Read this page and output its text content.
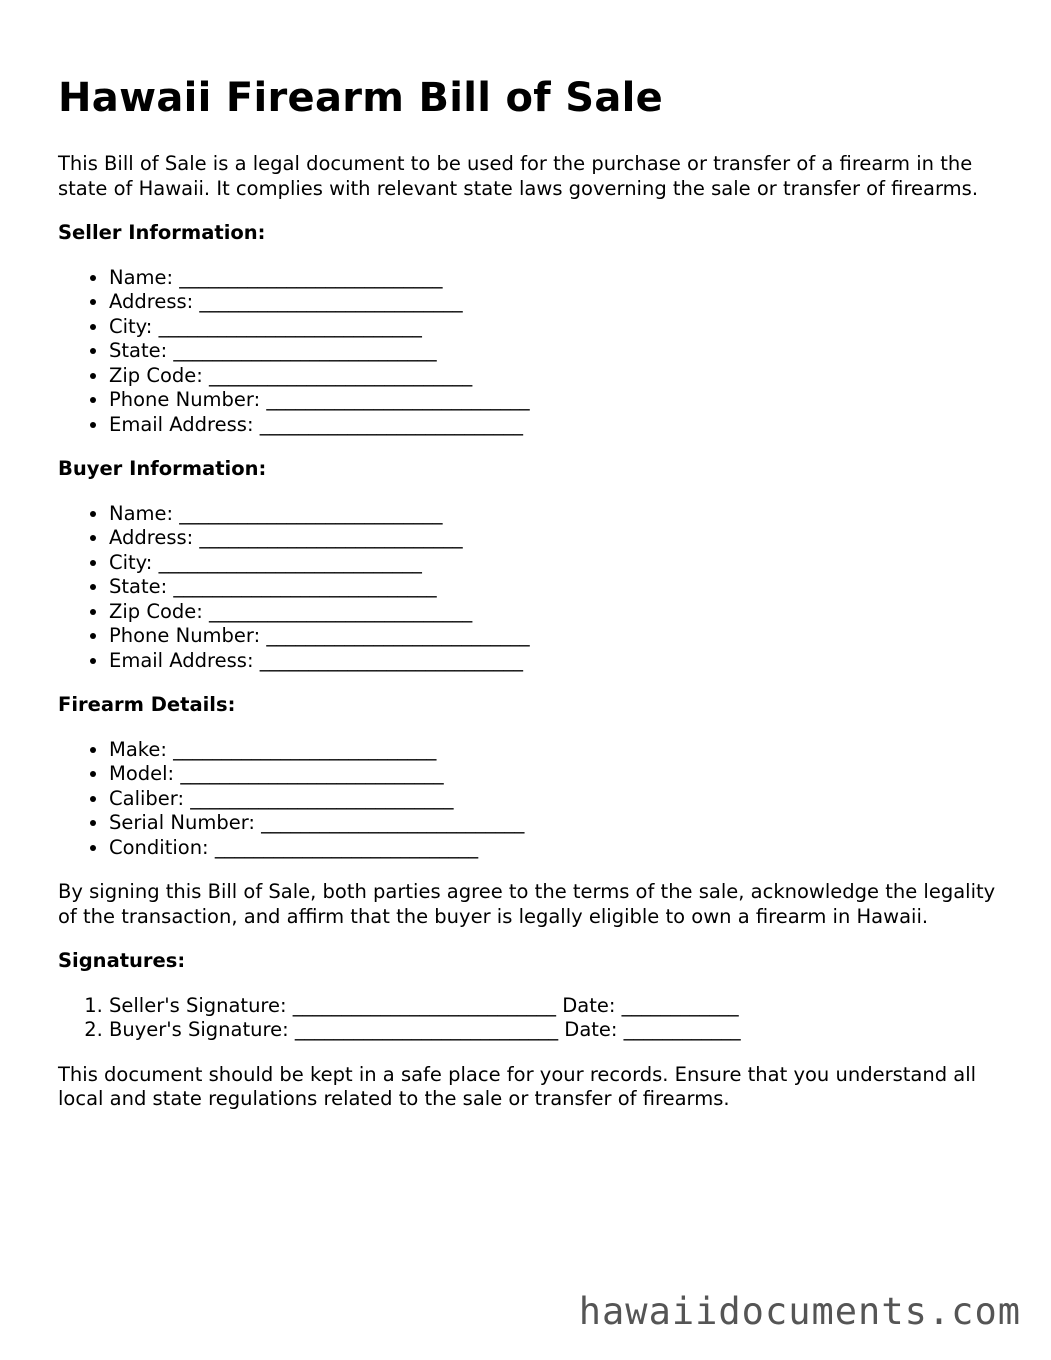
Hawaii Firearm Bill of Sale

This Bill of Sale is a legal document to be used for the purchase or transfer of a firearm in the state of Hawaii. It complies with relevant state laws governing the sale or transfer of firearms.

Seller Information:
• Name: ___________________________
• Address: ___________________________
• City: ___________________________
• State: ___________________________
• Zip Code: ___________________________
• Phone Number: ___________________________
• Email Address: ___________________________
Buyer Information:
• Name: ___________________________
• Address: ___________________________
• City: ___________________________
• State: ___________________________
• Zip Code: ___________________________
• Phone Number: ___________________________
• Email Address: ___________________________
Firearm Details:
• Make: ___________________________
• Model: ___________________________
• Caliber: ___________________________
• Serial Number: ___________________________
• Condition: ___________________________

By signing this Bill of Sale, both parties agree to the terms of the sale, acknowledge the legality of the transaction, and affirm that the buyer is legally eligible to own a firearm in Hawaii.

Signatures:
1. Seller's Signature: ___________________________ Date: ____________
2. Buyer's Signature: ___________________________ Date: ____________

This document should be kept in a safe place for your records. Ensure that you understand all local and state regulations related to the sale or transfer of firearms.

hawaiidocuments.com
